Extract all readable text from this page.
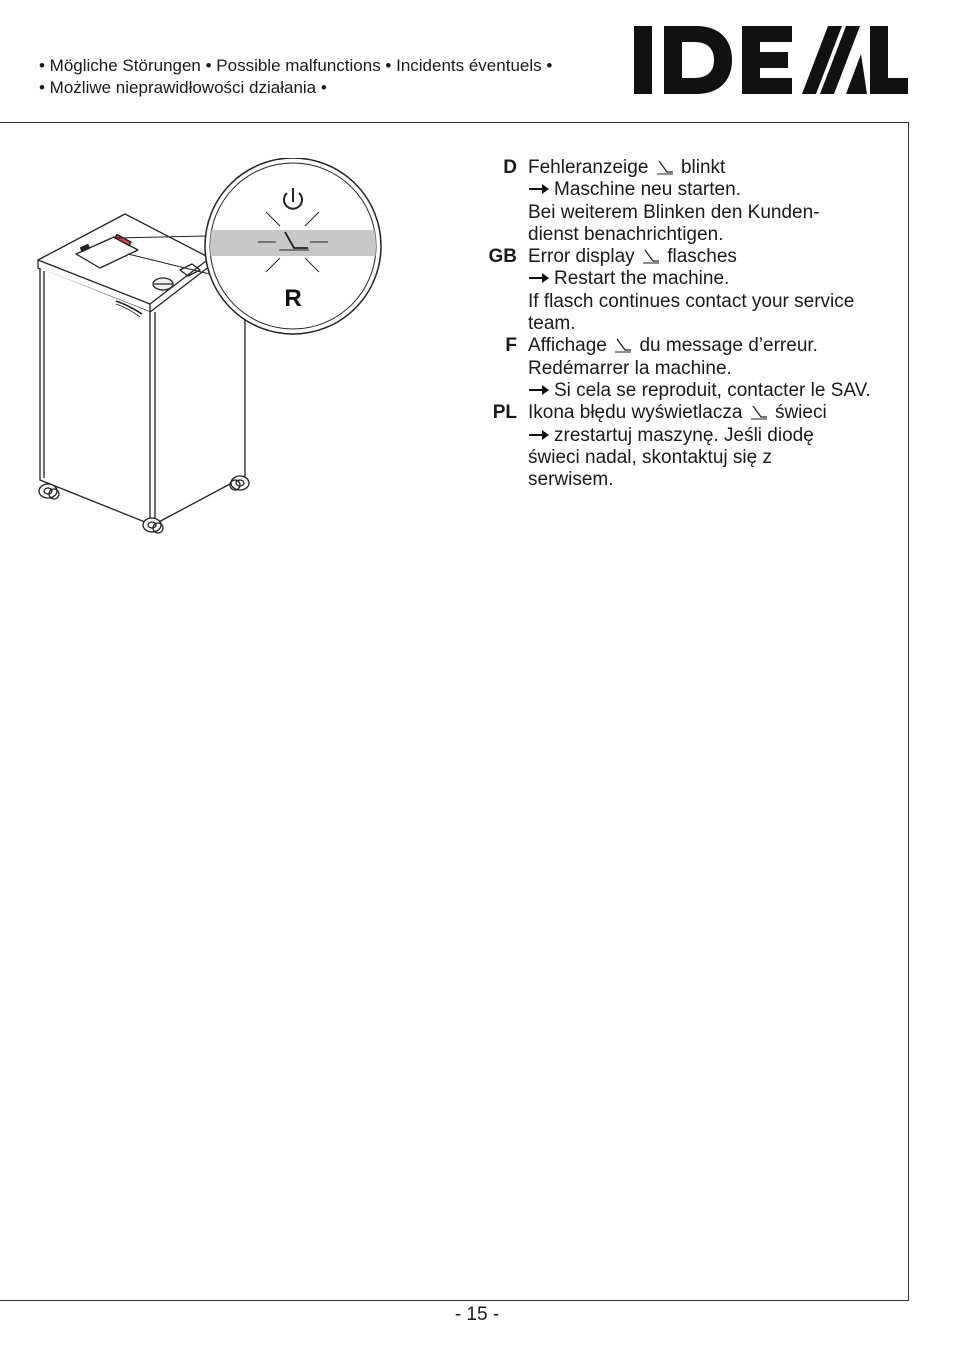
• Mögliche Störungen • Possible malfunctions • Incidents éventuels •
• Możliwe nieprawidłowości działania •
R
D Fehleranzeige blinkt
Maschine neu starten.
Bei weiterem Blinken den Kunden-
dienst benachrichtigen.
GB Error display flasches
Restart the machine.
If flasch continues contact your service
team.
F Affichage du message d’erreur.
Redémarrer la machine.
Si cela se reproduit, contacter le SAV.
PL Ikona błędu wyświetlacza świeci
zrestartuj maszynę. Jeśli diodę
świeci nadal, skontaktuj się z
serwisem.
- 15 -
